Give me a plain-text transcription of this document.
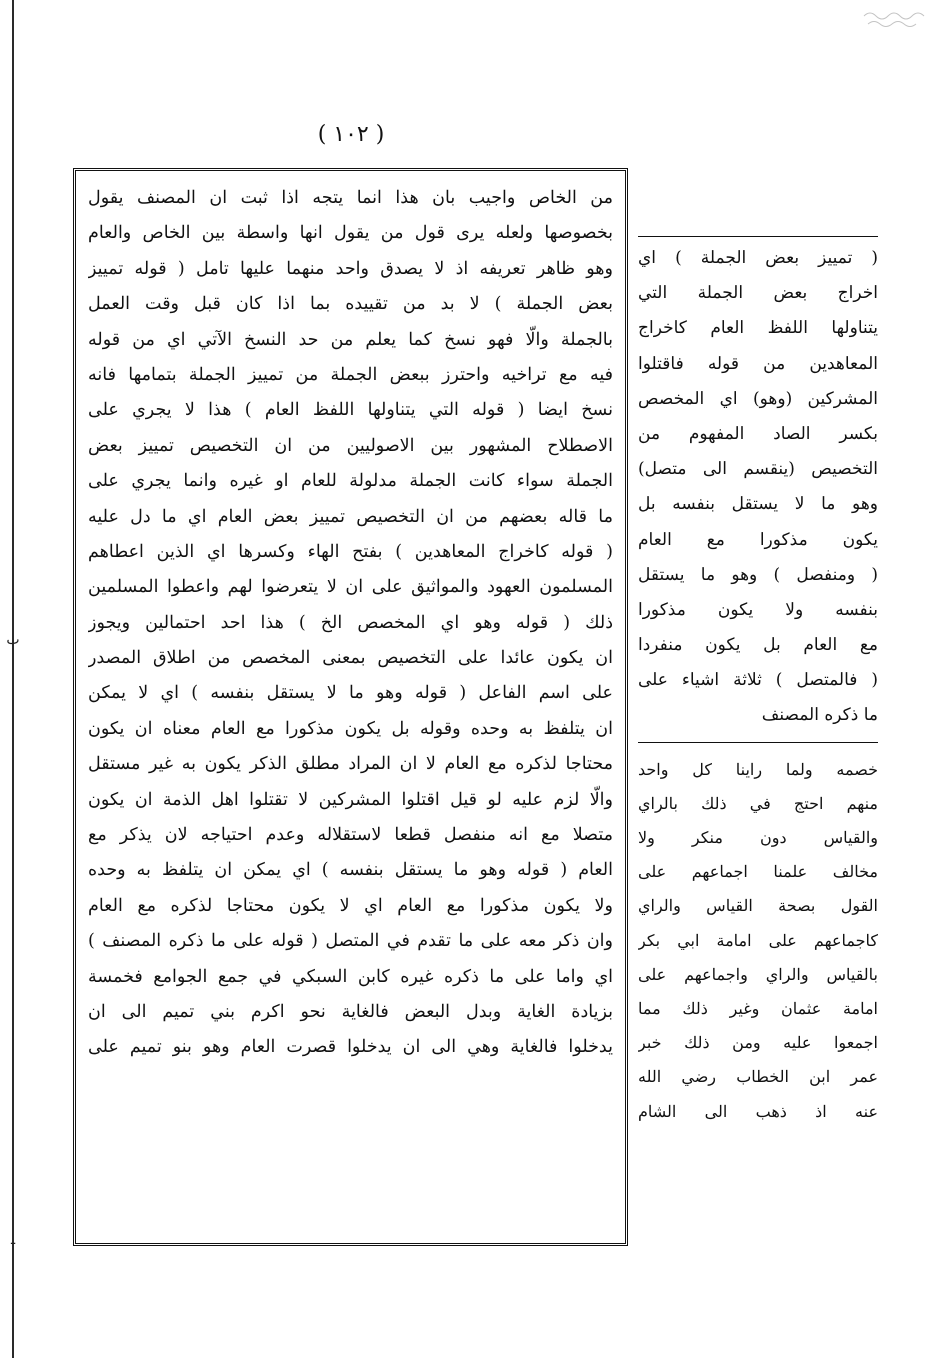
ٮ
ـ
( ١٠٢ )
من الخاص واجيب بان هذا انما يتجه اذا ثبت ان المصنف يقول
بخصوصها ولعله يرى قول من يقول انها واسطة بين الخاص والعام
وهو ظاهر تعريفه اذ لا يصدق واحد منهما عليها تامل ( قوله تمييز
بعض الجملة ) لا بد من تقييده بما اذا كان قبل وقت العمل
بالجملة والّا فهو نسخ كما يعلم من حد النسخ الآتي اي من قوله
فيه مع تراخيه واحترز ببعض الجملة من تمييز الجملة بتمامها فانه
نسخ ايضا ( قوله التي يتناولها اللفظ العام ) هذا لا يجري على
الاصطلاح المشهور بين الاصوليين من ان التخصيص تمييز بعض
الجملة سواء كانت الجملة مدلولة للعام او غيره وانما يجري على
ما قاله بعضهم من ان التخصيص تمييز بعض العام اي ما دل عليه
( قوله كاخراج المعاهدين ) بفتح الهاء وكسرها اي الذين اعطاهم
المسلمون العهود والمواثيق على ان لا يتعرضوا لهم واعطوا المسلمين
ذلك ( قوله وهو اي المخصص الخ ) هذا احد احتمالين ويجوز
ان يكون عائدا على التخصيص بمعنى المخصص من اطلاق المصدر
على اسم الفاعل ( قوله وهو ما لا يستقل بنفسه ) اي لا يمكن
ان يتلفظ به وحده وقوله بل يكون مذكورا مع العام معناه ان يكون
محتاجا لذكره مع العام لا ان المراد مطلق الذكر يكون به غير مستقل
والّا لزم عليه لو قيل اقتلوا المشركين لا تقتلوا اهل الذمة ان يكون
متصلا مع انه منفصل قطعا لاستقلاله وعدم احتياجه لان يذكر مع
العام ( قوله وهو ما يستقل بنفسه ) اي يمكن ان يتلفظ به وحده
ولا يكون مذكورا مع العام اي لا يكون محتاجا لذكره مع العام
وان ذكر معه على ما تقدم في المتصل ( قوله على ما ذكره المصنف )
اي واما على ما ذكره غيره كابن السبكي في جمع الجوامع فخمسة
بزيادة الغاية وبدل البعض فالغاية نحو اكرم بني تميم الى ان
يدخلوا فالغاية وهي الى ان يدخلوا قصرت العام وهو بنو تميم على
( تمييز بعض الجملة ) اي
اخراج بعض الجملة التي
يتناولها اللفظ العام كاخراج
المعاهدين من قوله فاقتلوا
المشركين (وهو) اي المخصص
بكسر الصاد المفهوم من
التخصيص (ينقسم الى متصل)
وهو ما لا يستقل بنفسه بل
يكون مذكورا مع العام
( ومنفصل ) وهو ما يستقل
بنفسه ولا يكون مذكورا
مع العام بل يكون منفردا
( فالمتصل ) ثلاثة اشياء على
ما ذكره المصنف
خصمه ولما راينا كل واحد
منهم احتج في ذلك بالراي
والقياس دون منكر ولا
مخالف علمنا اجماعهم على
القول بصحة القياس والراي
كاجماعهم على امامة ابي بكر
بالقياس والراي واجماعهم على
امامة عثمان وغير ذلك مما
اجمعوا عليه ومن ذلك خبر
عمر ابن الخطاب رضي الله
عنه اذ ذهب الى الشام
